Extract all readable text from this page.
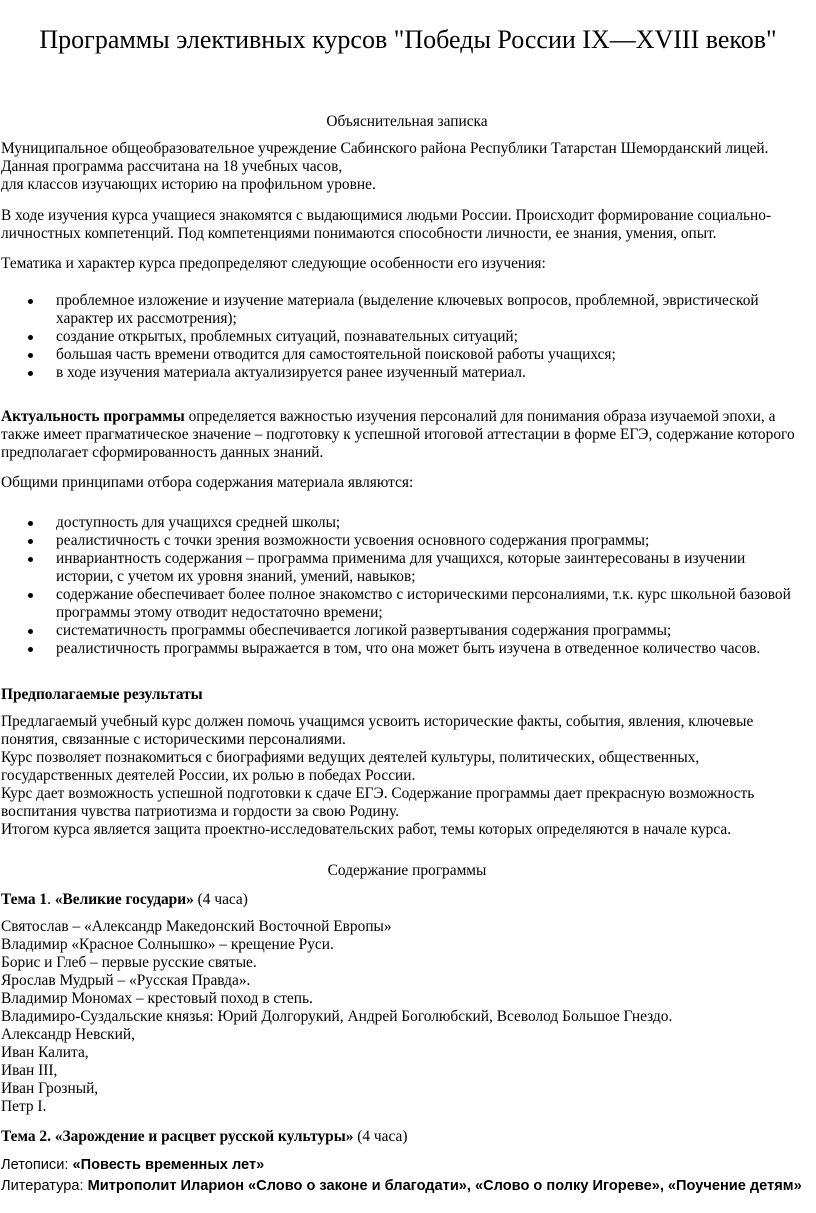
Программы элективных курсов "Победы России IX—XVIII веков"
Объяснительная записка
Муниципальное общеобразовательное учреждение Сабинского района Республики Татарстан Шеморданский лицей.
Данная программа рассчитана на 18 учебных часов,
для классов изучающих историю на профильном уровне.
В ходе изучения курса учащиеся знакомятся с выдающимися людьми России. Происходит формирование социально-
личностных компетенций. Под компетенциями понимаются способности личности, ее знания, умения, опыт.
Тематика и характер курса предопределяют следующие особенности его изучения:
проблемное изложение и изучение материала (выделение ключевых вопросов, проблемной, эвристической
характер их рассмотрения);
создание открытых, проблемных ситуаций, познавательных ситуаций;
большая часть времени отводится для самостоятельной поисковой работы учащихся;
в ходе изучения материала актуализируется ранее изученный материал.
Актуальность программы определяется важностью изучения персоналий для понимания образа изучаемой эпохи, а
также имеет прагматическое значение – подготовку к успешной итоговой аттестации в форме ЕГЭ, содержание которого
предполагает сформированность данных знаний.
Общими принципами отбора содержания материала являются:
доступность для учащихся средней школы;
реалистичность с точки зрения возможности усвоения основного содержания программы;
инвариантность содержания – программа применима для учащихся, которые заинтересованы в изучении
истории, с учетом их уровня знаний, умений, навыков;
содержание обеспечивает более полное знакомство с историческими персоналиями, т.к. курс школьной базовой
программы этому отводит недостаточно времени;
систематичность программы обеспечивается логикой развертывания содержания программы;
реалистичность программы выражается в том, что она может быть изучена в отведенное количество часов.
Предполагаемые результаты
Предлагаемый учебный курс должен помочь учащимся усвоить исторические факты, события, явления, ключевые
понятия, связанные с историческими персоналиями.
Курс позволяет познакомиться с биографиями ведущих деятелей культуры, политических, общественных,
государственных деятелей России, их ролью в победах России.
Курс дает возможность успешной подготовки к сдаче ЕГЭ. Содержание программы дает прекрасную возможность
воспитания чувства патриотизма и гордости за свою Родину.
Итогом курса является защита проектно-исследовательских работ, темы которых определяются в начале курса.
Содержание программы
Тема 1. «Великие государи» (4 часа)
Святослав – «Александр Македонский Восточной Европы»
Владимир «Красное Солнышко» – крещение Руси.
Борис и Глеб – первые русские святые.
Ярослав Мудрый – «Русская Правда».
Владимир Мономах – крестовый поход в степь.
Владимиро-Суздальские князья: Юрий Долгорукий, Андрей Боголюбский, Всеволод Большое Гнездо.
Александр Невский,
Иван Калита,
Иван III,
Иван Грозный,
Петр I.
Тема 2. «Зарождение и расцвет русской культуры» (4 часа)
Летописи: «Повесть временных лет»
Литература: Митрополит Иларион «Слово о законе и благодати», «Слово о полку Игореве», «Поучение детям»
